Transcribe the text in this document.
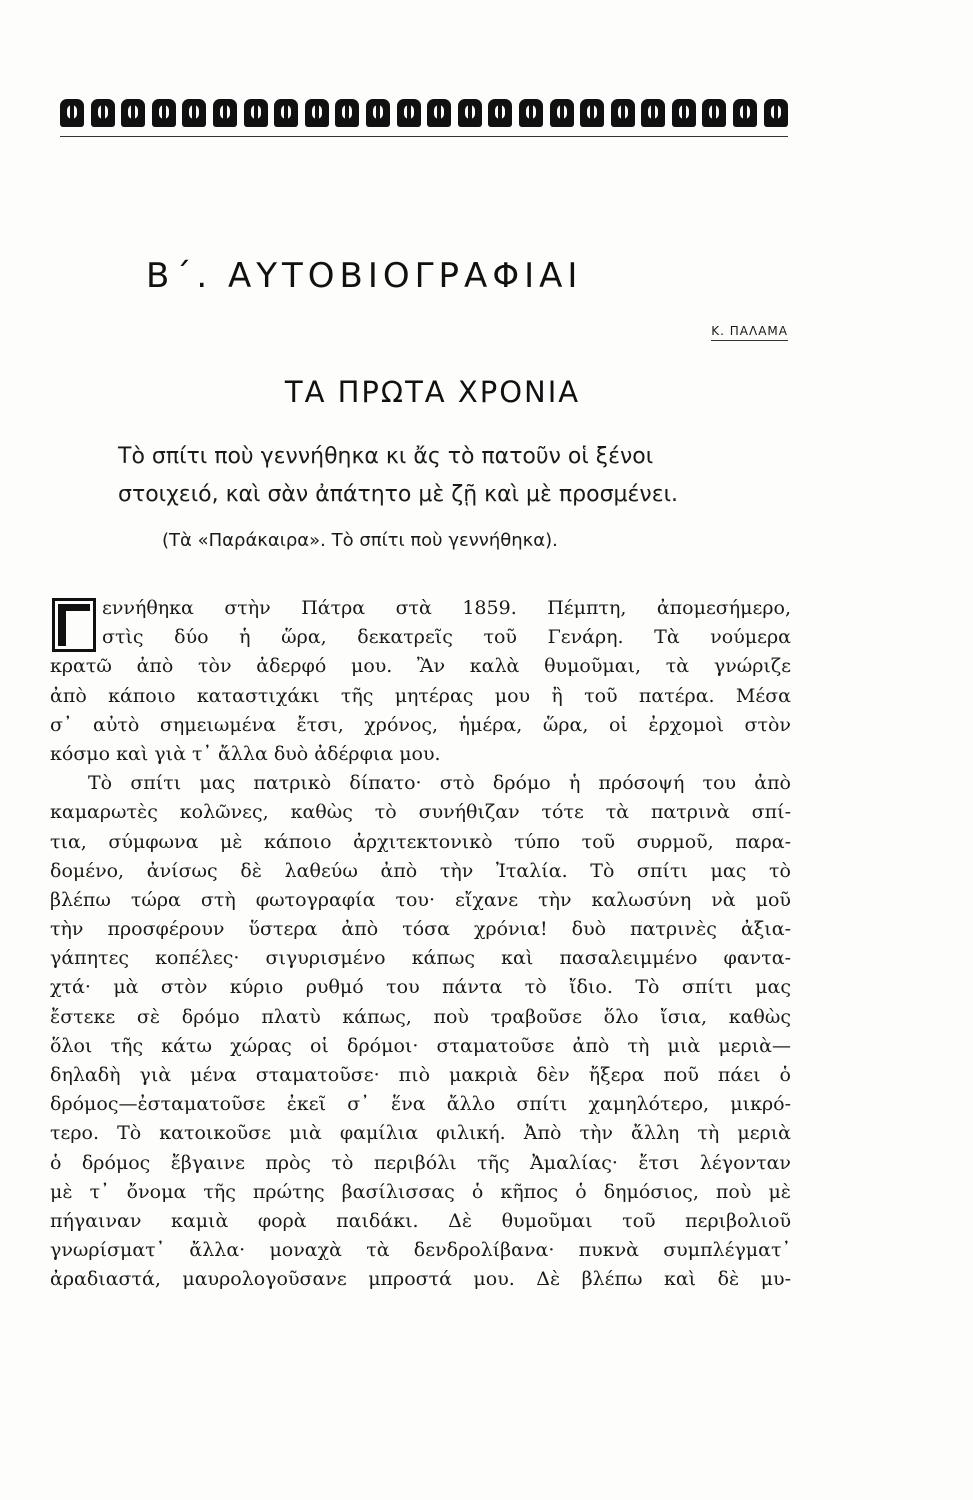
Β΄. ΑΥΤΟΒΙΟΓΡΑΦΙΑΙ
Κ. ΠΑΛΑΜΑ
ΤΑ ΠΡΩΤΑ ΧΡΟΝΙΑ
Τὸ σπίτι ποὺ γεννήθηκα κι ἄς τὸ πατοῦν οἱ ξένοι
στοιχειό, καὶ σὰν ἀπάτητο μὲ ζῇ καὶ μὲ προσμένει.
(Τὰ «Παράκαιρα». Τὸ σπίτι ποὺ γεννήθηκα).
εννήθηκα στὴν Πάτρα στὰ 1859. Πέμπτη, ἀπομεσήμερο,
στὶς δύο ἡ ὥρα, δεκατρεῖς τοῦ Γενάρη. Τὰ νούμερα
κρατῶ ἀπὸ τὸν ἀδερφό μου. Ἂν καλὰ θυμοῦμαι, τὰ γνώριζε
ἀπὸ κάποιο καταστιχάκι τῆς μητέρας μου ἢ τοῦ πατέρα. Μέσα
σ᾿ αὐτὸ σημειωμένα ἔτσι, χρόνος, ἡμέρα, ὥρα, οἱ ἐρχομοὶ στὸν
κόσμο καὶ γιὰ τ᾿ ἄλλα δυὸ ἀδέρφια μου.
Τὸ σπίτι μας πατρικὸ δίπατο· στὸ δρόμο ἡ πρόσοψή του ἀπὸ
καμαρωτὲς κολῶνες, καθὼς τὸ συνήθιζαν τότε τὰ πατρινὰ σπί-
τια, σύμφωνα μὲ κάποιο ἀρχιτεκτονικὸ τύπο τοῦ συρμοῦ, παρα-
δομένο, ἀνίσως δὲ λαθεύω ἀπὸ τὴν Ἰταλία. Τὸ σπίτι μας τὸ
βλέπω τώρα στὴ φωτογραφία του· εἴχανε τὴν καλωσύνη νὰ μοῦ
τὴν προσφέρουν ὕστερα ἀπὸ τόσα χρόνια! δυὸ πατρινὲς ἀξια-
γάπητες κοπέλες· σιγυρισμένο κάπως καὶ πασαλειμμένο φαντα-
χτά· μὰ στὸν κύριο ρυθμό του πάντα τὸ ἴδιο. Τὸ σπίτι μας
ἔστεκε σὲ δρόμο πλατὺ κάπως, ποὺ τραβοῦσε ὅλο ἴσια, καθὼς
ὅλοι τῆς κάτω χώρας οἱ δρόμοι· σταματοῦσε ἀπὸ τὴ μιὰ μεριὰ—
δηλαδὴ γιὰ μένα σταματοῦσε· πιὸ μακριὰ δὲν ἤξερα ποῦ πάει ὁ
δρόμος—ἐσταματοῦσε ἐκεῖ σ᾿ ἕνα ἄλλο σπίτι χαμηλότερο, μικρό-
τερο. Τὸ κατοικοῦσε μιὰ φαμίλια φιλική. Ἀπὸ τὴν ἄλλη τὴ μεριὰ
ὁ δρόμος ἔβγαινε πρὸς τὸ περιβόλι τῆς Ἀμαλίας· ἔτσι λέγονταν
μὲ τ᾿ ὄνομα τῆς πρώτης βασίλισσας ὁ κῆπος ὁ δημόσιος, ποὺ μὲ
πήγαιναν καμιὰ φορὰ παιδάκι. Δὲ θυμοῦμαι τοῦ περιβολιοῦ
γνωρίσματ᾿ ἄλλα· μοναχὰ τὰ δενδρολίβανα· πυκνὰ συμπλέγματ᾿
ἀραδιαστά, μαυρολογοῦσανε μπροστά μου. Δὲ βλέπω καὶ δὲ μυ-
